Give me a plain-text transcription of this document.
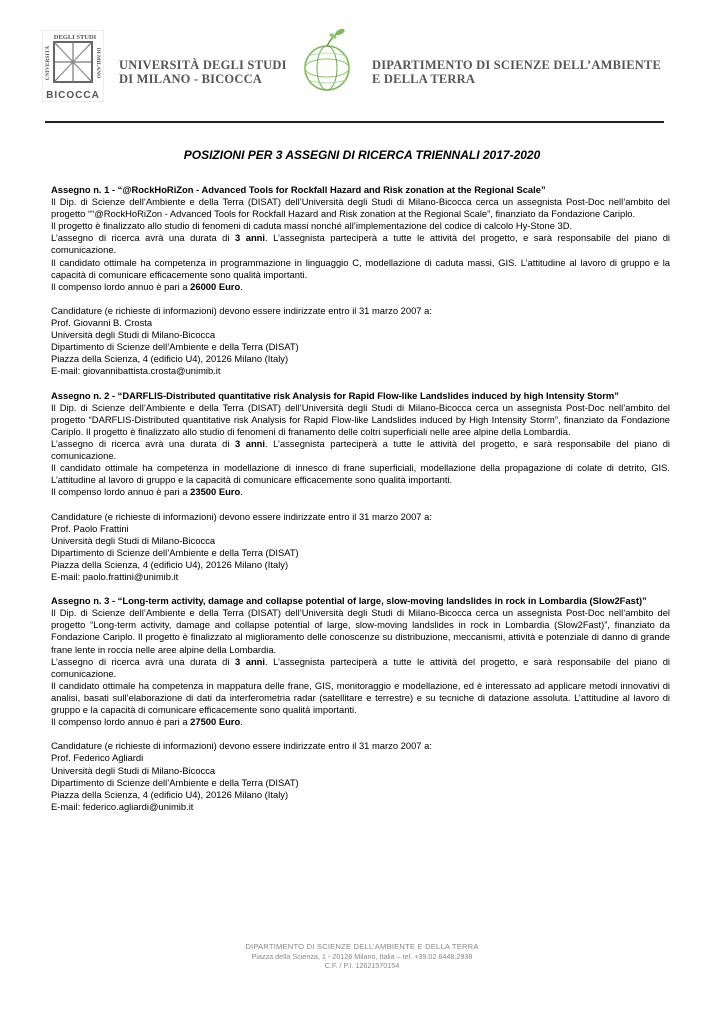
DEGLI STUDI
UNIVERSITÀ	DI MILANO
BICOCCA
UNIVERSITÀ DEGLI STUDI
DI MILANO - BICOCCA
DIPARTIMENTO DI SCIENZE DELL’AMBIENTE
E DELLA TERRA
POSIZIONI PER 3 ASSEGNI DI RICERCA TRIENNALI 2017-2020

Assegno n. 1 - “@RockHoRiZon - Advanced Tools for Rockfall Hazard and Risk zonation at the Regional Scale”

Il Dip. di Scienze dell’Ambiente e della Terra (DISAT) dell’Università degli Studi di Milano-Bicocca cerca un assegnista Post-Doc nell’ambito del progetto ““@RockHoRiZon - Advanced Tools for Rockfall Hazard and Risk zonation at the Regional Scale”, finanziato da Fondazione Cariplo.

Il progetto è finalizzato allo studio di fenomeni di caduta massi nonché all’implementazione del codice di calcolo Hy-Stone 3D.

L’assegno di ricerca avrà una durata di 3 anni. L’assegnista parteciperà a tutte le attività del progetto, e sarà responsabile del piano di comunicazione.

Il candidato ottimale ha competenza in programmazione in linguaggio C, modellazione di caduta massi, GIS. L’attitudine al lavoro di gruppo e la capacità di comunicare efficacemente sono qualità importanti.

Il compenso lordo annuo è pari a 26000 Euro.

Candidature (e richieste di informazioni) devono essere indirizzate entro il 31 marzo 2007 a:

Prof. Giovanni B. Crosta

Università degli Studi di Milano-Bicocca

Dipartimento di Scienze dell’Ambiente e della Terra (DISAT)

Piazza della Scienza, 4 (edificio U4), 20126 Milano (Italy)

E-mail: giovannibattista.crosta@unimib.it

Assegno n. 2 - “DARFLIS-Distributed quantitative risk Analysis for Rapid Flow-like Landslides induced by high Intensity Storm”

Il Dip. di Scienze dell’Ambiente e della Terra (DISAT) dell’Università degli Studi di Milano-Bicocca cerca un assegnista Post-Doc nell’ambito del progetto “DARFLIS-Distributed quantitative risk Analysis for Rapid Flow-like Landslides induced by High Intensity Storm”, finanziato da Fondazione Cariplo. Il progetto è finalizzato allo studio di fenomeni di franamento delle coltri superficiali nelle aree alpine della Lombardia.

L’assegno di ricerca avrà una durata di 3 anni. L’assegnista parteciperà a tutte le attività del progetto, e sarà responsabile del piano di comunicazione.

Il candidato ottimale ha competenza in modellazione di innesco di frane superficiali, modellazione della propagazione di colate di detrito, GIS. L’attitudine al lavoro di gruppo e la capacità di comunicare efficacemente sono qualità importanti.

Il compenso lordo annuo è pari a 23500 Euro.

Candidature (e richieste di informazioni) devono essere indirizzate entro il 31 marzo 2007 a:

Prof. Paolo Frattini

Università degli Studi di Milano-Bicocca

Dipartimento di Scienze dell’Ambiente e della Terra (DISAT)

Piazza della Scienza, 4 (edificio U4), 20126 Milano (Italy)

E-mail: paolo.frattini@unimib.it

Assegno n. 3 - “Long-term activity, damage and collapse potential of large, slow-moving landslides in rock in Lombardia (Slow2Fast)”

Il Dip. di Scienze dell’Ambiente e della Terra (DISAT) dell’Università degli Studi di Milano-Bicocca cerca un assegnista Post-Doc nell’ambito del progetto “Long-term activity, damage and collapse potential of large, slow-moving landslides in rock in Lombardia (Slow2Fast)”, finanziato da Fondazione Cariplo. Il progetto è finalizzato al miglioramento delle conoscenze su distribuzione, meccanismi, attività e potenziale di danno di grande frane lente in roccia nelle aree alpine della Lombardia.

L’assegno di ricerca avrà una durata di 3 anni. L’assegnista parteciperà a tutte le attività del progetto, e sarà responsabile del piano di comunicazione.

Il candidato ottimale ha competenza in mappatura delle frane, GIS, monitoraggio e modellazione, ed è interessato ad applicare metodi innovativi di analisi, basati sull’elaborazione di dati da interferometria radar (satellitare e terrestre) e su tecniche di datazione assoluta. L’attitudine al lavoro di gruppo e la capacità di comunicare efficacemente sono qualità importanti.

Il compenso lordo annuo è pari a 27500 Euro.

Candidature (e richieste di informazioni) devono essere indirizzate entro il 31 marzo 2007 a:

Prof. Federico Agliardi

Università degli Studi di Milano-Bicocca

Dipartimento di Scienze dell’Ambiente e della Terra (DISAT)

Piazza della Scienza, 4 (edificio U4), 20126 Milano (Italy)

E-mail: federico.agliardi@unimib.it

DIPARTIMENTO DI SCIENZE DELL’AMBIENTE E DELLA TERRA
Piazza della Scienza, 1 - 20126 Milano, Italia – tel. +39.02.6448.2938
C.F. / P.I. 12621570154
